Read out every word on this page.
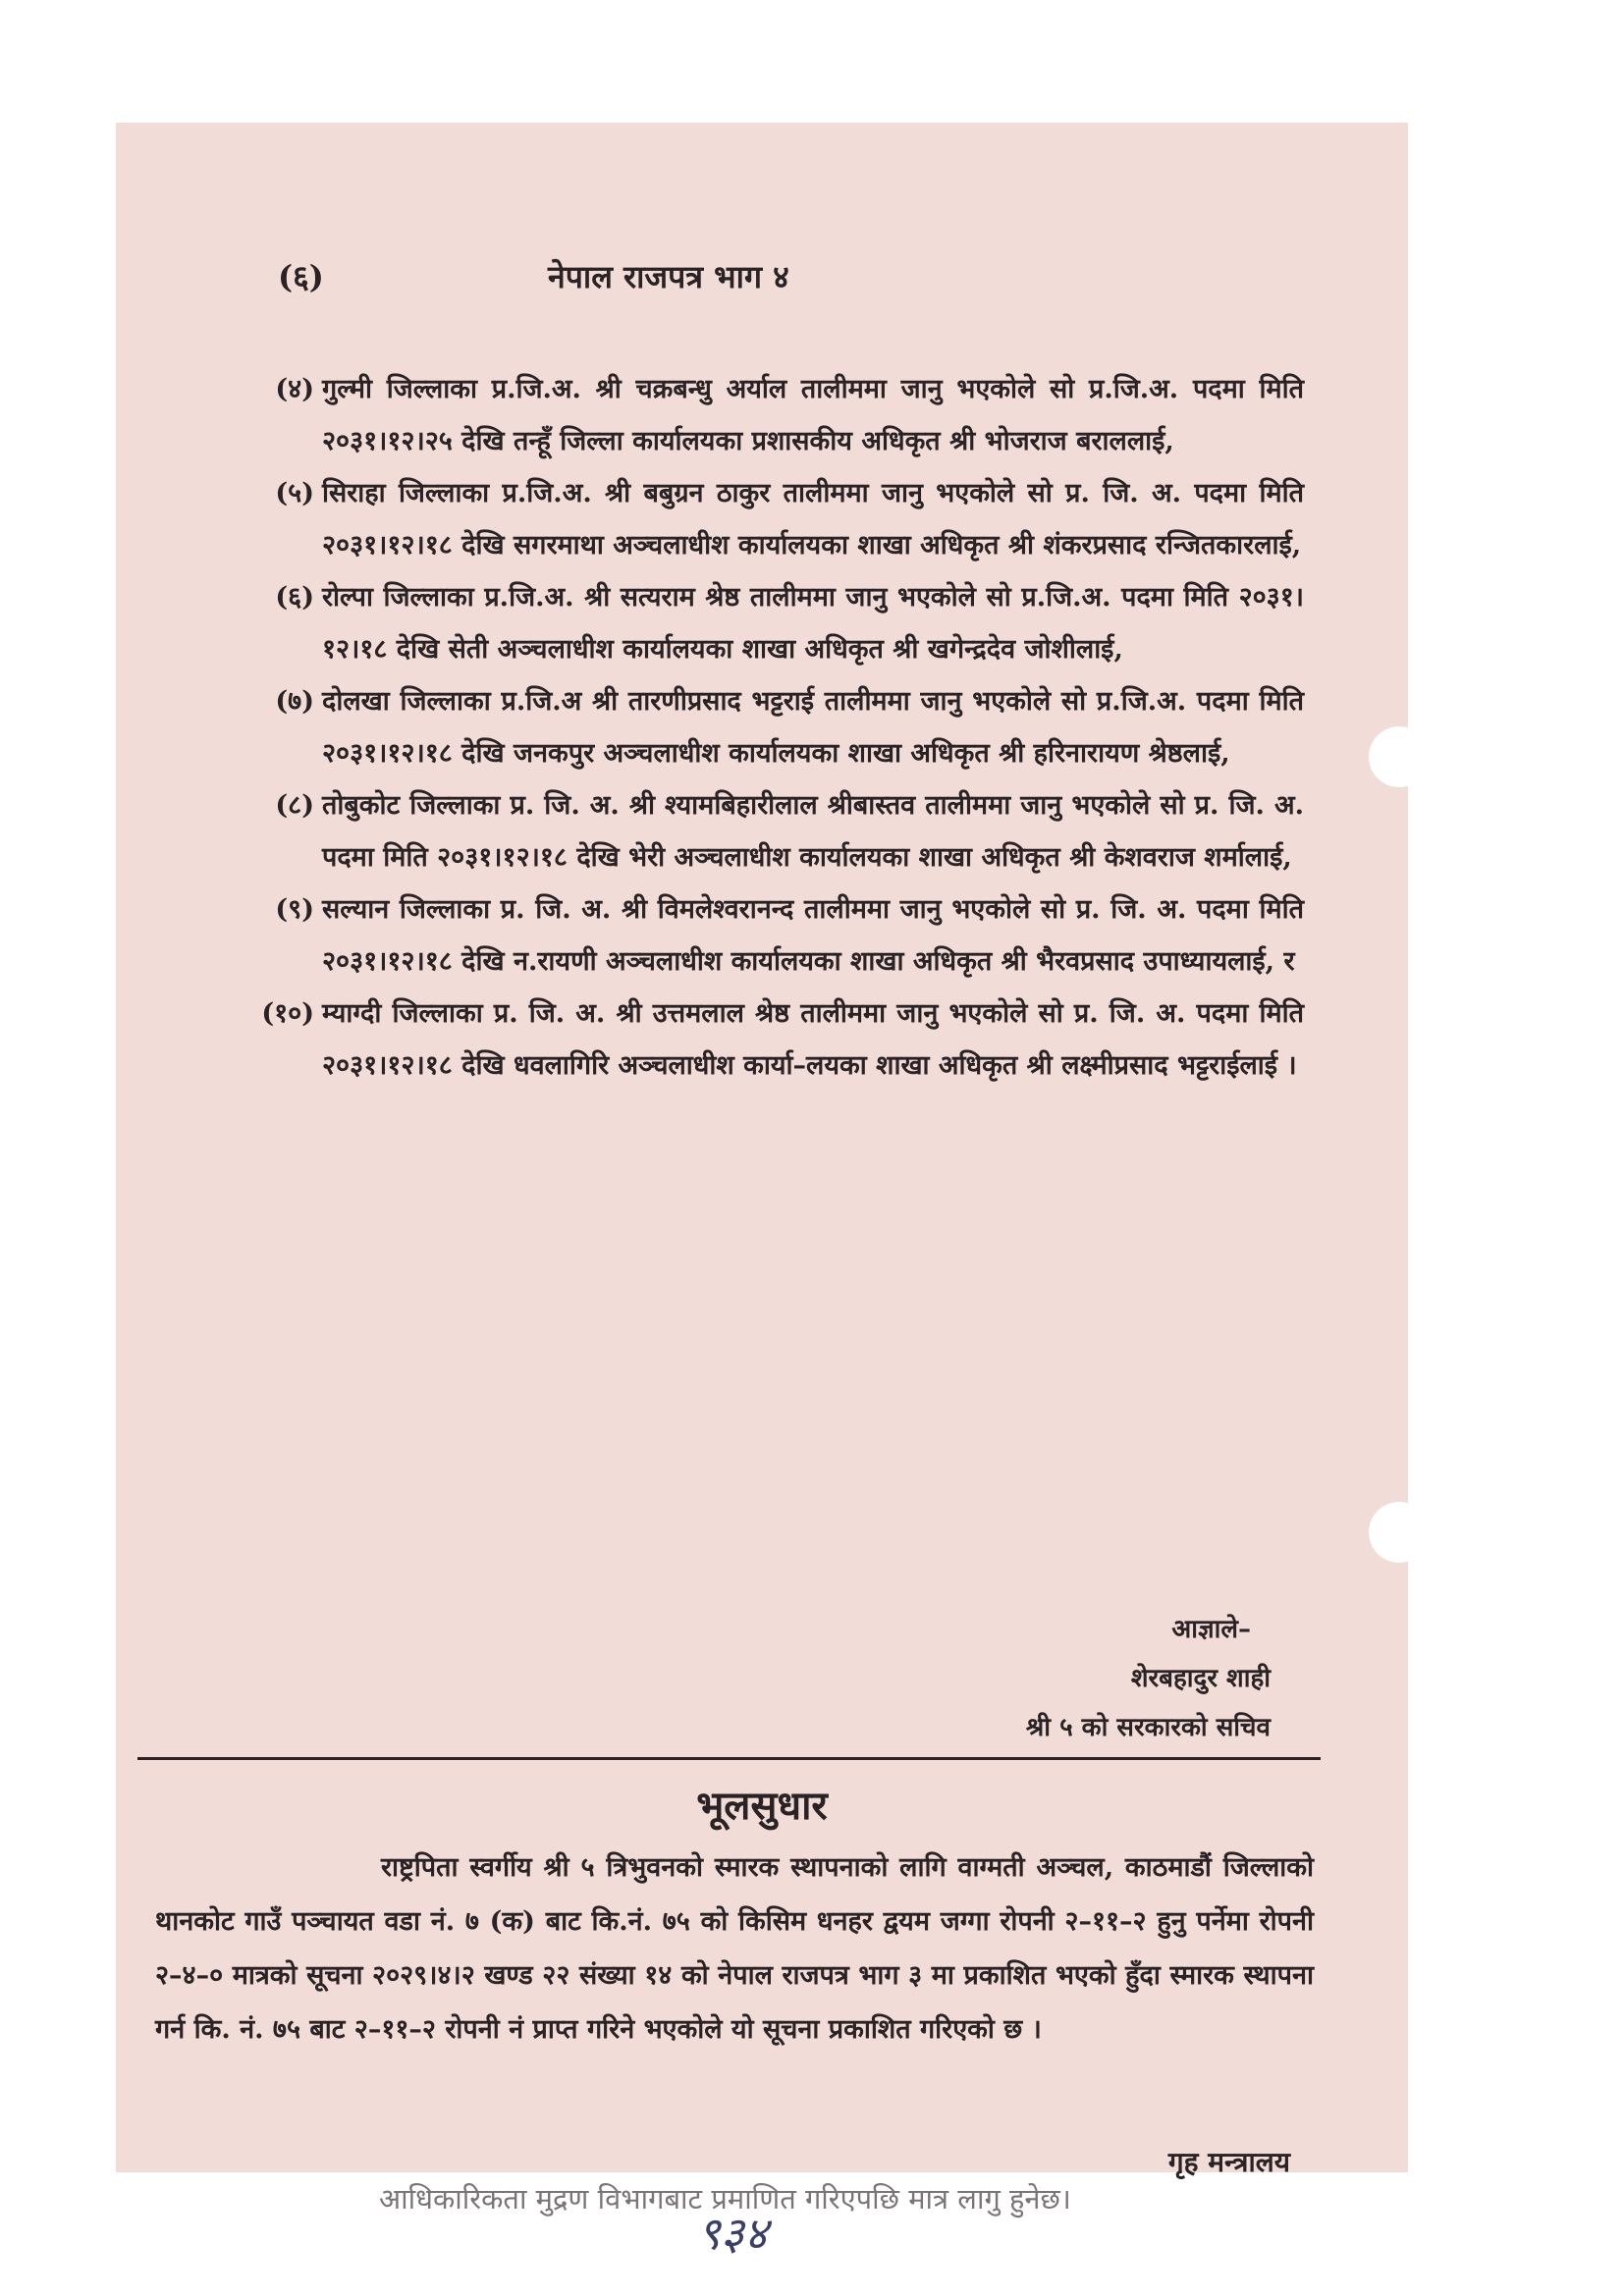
(६)	नेपाल राजपत्र भाग ४
(४) गुल्मी जिल्लाका प्र.जि.अ. श्री चक्रबन्धु अर्याल तालीममा जानु भएकोले सो प्र.जि.अ. पदमा मिति २०३१।१२।२५ देखि तन्हूँ जिल्ला कार्यालयका प्रशासकीय अधिकृत श्री भोजराज बरालला‌ई,
(५) सिराहा जिल्लाका प्र.जि.अ. श्री बबुग्रन ठाकुर तालीममा जानु भएकोले सो प्र. जि. अ. पदमा मिति २०३१।१२।१८ देखि सगरमाथा अञ्चलाधीश कार्यालयका शाखा अधिकृत श्री शंकरप्रसाद रन्जितकारलाई,
(६) रोल्पा जिल्लाका प्र.जि.अ. श्री सत्यराम श्रेष्ठ तालीममा जानु भएकोले सो प्र.जि.अ. पदमा मिति २०३१।१२।१८ देखि सेती अञ्चलाधीश कार्यालयका शाखा अधिकृत श्री खगेन्द्रदेव जोशीलाई,
(७) दोलखा जिल्लाका प्र.जि.अ श्री तारणीप्रसाद भट्टराई तालीममा जानु भएकोले सो प्र.जि.अ. पदमा मिति २०३१।१२।१८ देखि जनकपुर अञ्चलाधीश कार्यालयका शाखा अधिकृत श्री हरिनारायण श्रेष्ठलाई,
(८) तोबुकोट जिल्लाका प्र. जि. अ. श्री श्यामबिहारीलाल श्रीबास्तव तालीममा जानु भएकोले सो प्र. जि. अ. पदमा मिति २०३१।१२।१८ देखि भेरी अञ्चलाधीश कार्यालयका शाखा अधिकृत श्री केशवराज शर्मालाई,
(९) सल्यान जिल्लाका प्र. जि. अ. श्री विमलेश्वरानन्द तालीममा जानु भएकोले सो प्र. जि. अ. पदमा मिति २०३१।१२।१८ देखि न.रायणी अञ्चलाधीश कार्यालयका शाखा अधिकृत श्री भैरवप्रसाद उपाध्यायलाई, र
(१०) म्याग्दी जिल्लाका प्र. जि. अ. श्री उत्तमलाल श्रेष्ठ तालीममा जानु भएकोले सो प्र. जि. अ. पदमा मिति २०३१।१२।१८ देखि धवलागिरि अञ्चलाधीश कार्या–लयका शाखा अधिकृत श्री लक्ष्मीप्रसाद भट्टराईलाई ।
आज्ञाले–
शेरबहादुर शाही
श्री ५ को सरकारको सचिव
भूलसुधार
राष्ट्रपिता स्वर्गीय श्री ५ त्रिभुवनको स्मारक स्थापनाको लागि वाग्मती अञ्चल, काठमाडौं जिल्लाको थानकोट गाउँ पञ्चायत वडा नं. ७ (क) बाट कि.नं. ७५ को किसिम धनहर द्वयम जग्गा रोपनी २–११–२ हुनु पर्नेमा रोपनी २–४–० मात्रको सूचना २०२९।४।२ खण्ड २२ संख्या १४ को नेपाल राजपत्र भाग ३ मा प्रकाशित भएको हुँदा स्मारक स्थापना गर्न कि. नं. ७५ बाट २–११–२ रोपनी नं प्राप्त गरिने भएकोले यो सूचना प्रकाशित गरिएको छ ।
गृह मन्त्रालय
आधिकारिकता मुद्रण विभागबाट प्रमाणित गरिएपछि मात्र लागु हुनेछ।
९३४
